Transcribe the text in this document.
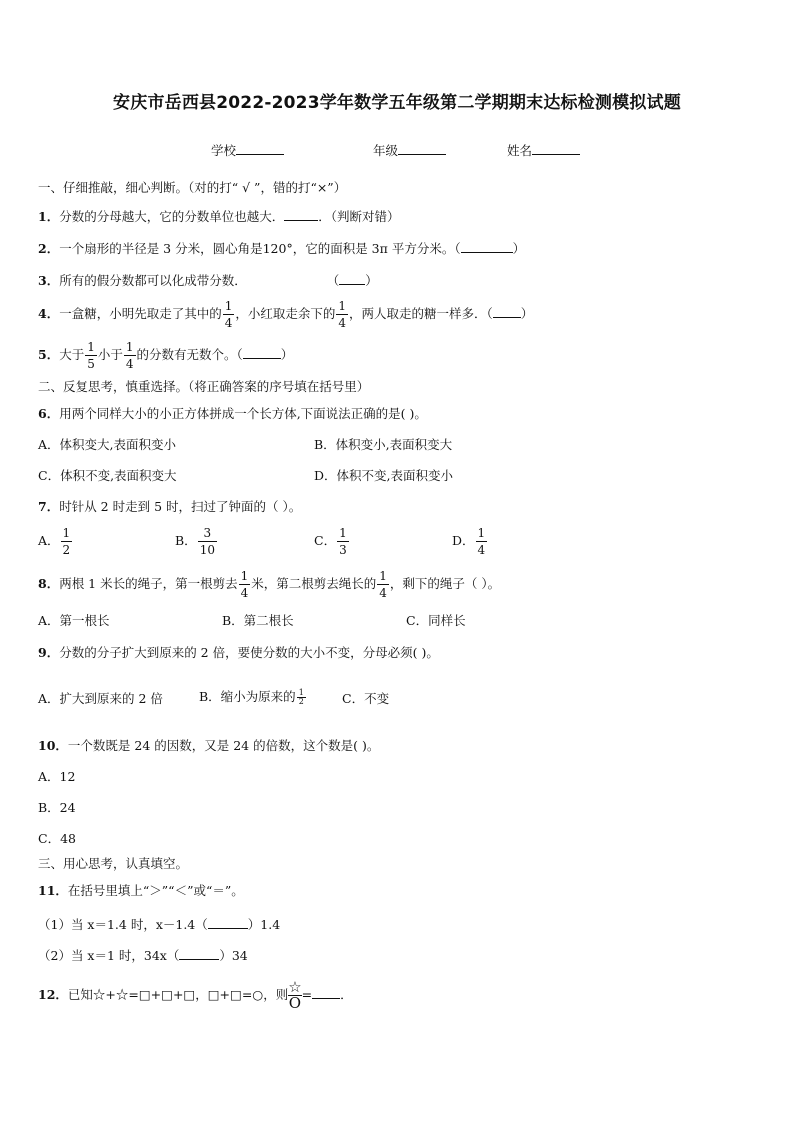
安庆市岳西县2022-2023学年数学五年级第二学期期末达标检测模拟试题
学校	年级	姓名
一、仔细推敲，细心判断。（对的打“ √ ”，错的打“×”）
1．分数的分母越大，它的分数单位也越大．	．（判断对错）
2．一个扇形的半径是 3 分米，圆心角是120°，它的面积是 3π 平方分米。（	）
3．所有的假分数都可以化成带分数．	（ ）
4．一盒糖，小明先取走了其中的 $\frac{1}{4}$ ，小红取走余下的 $\frac{1}{4}$ ，两人取走的糖一样多．（ ）
5．大于 $\frac{1}{5}$ 小于 $\frac{1}{4}$ 的分数有无数个。（	）
二、反复思考，慎重选择。（将正确答案的序号填在括号里）
6．用两个同样大小的小正方体拼成一个长方体,下面说法正确的是( )。
A．体积变大,表面积变小	B．体积变小,表面积变大
C．体积不变,表面积变大	D．体积不变,表面积变小
7．时针从 2 时走到 5 时，扫过了钟面的（ ）。
A． $\frac{1}{2}$	B． $\frac{3}{10}$	C． $\frac{1}{3}$	D． $\frac{1}{4}$
8．两根 1 米长的绳子，第一根剪去 $\frac{1}{4}$ 米，第二根剪去绳长的 $\frac{1}{4}$ ，剩下的绳子（ ）。
A．第一根长	B．第二根长	C．同样长
9．分数的分子扩大到原来的 2 倍，要使分数的大小不变，分母必须( )。
A．扩大到原来的 2 倍	B．缩小为原来的 $\frac{1}{2}$	C．不变
10．一个数既是 24 的因数，又是 24 的倍数，这个数是( )。
A．12
B．24
C．48
三、用心思考，认真填空。
11．在括号里填上“＞”“＜”或“＝”。
（1）当 x＝1.4 时，x－1.4（	）1.4
（2）当 x＝1 时，34x（	）34
12．已知☆+☆=□+□+□，□+□=○，则 $\frac{☆}{O}$ = ．
